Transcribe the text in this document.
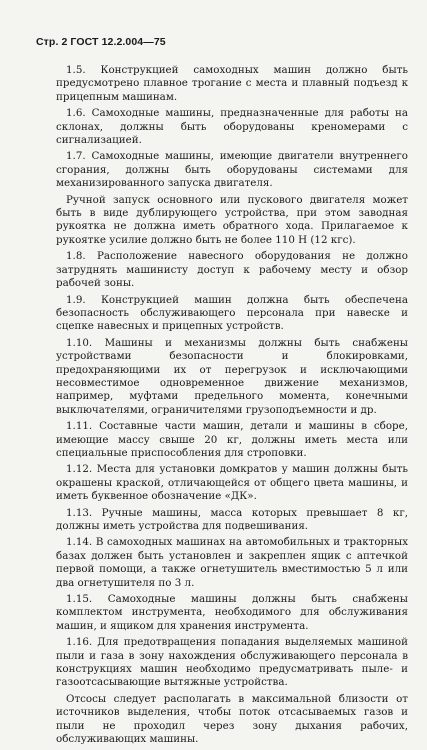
Стр. 2 ГОСТ 12.2.004—75

1.5. Конструкцией самоходных машин должно быть предусмотрено плавное трогание с места и плавный подъезд к прицепным машинам.

1.6. Самоходные машины, предназначенные для работы на склонах, должны быть оборудованы креномерами с сигнализацией.

1.7. Самоходные машины, имеющие двигатели внутреннего сгорания, должны быть оборудованы системами для механизированного запуска двигателя.

Ручной запуск основного или пускового двигателя может быть в виде дублирующего устройства, при этом заводная рукоятка не должна иметь обратного хода. Прилагаемое к рукоятке усилие должно быть не более 110 Н (12 кгс).

1.8. Расположение навесного оборудования не должно затруднять машинисту доступ к рабочему месту и обзор рабочей зоны.

1.9. Конструкцией машин должна быть обеспечена безопасность обслуживающего персонала при навеске и сцепке навесных и прицепных устройств.

1.10. Машины и механизмы должны быть снабжены устройствами безопасности и блокировками, предохраняющими их от перегрузок и исключающими несовместимое одновременное движение механизмов, например, муфтами предельного момента, конечными выключателями, ограничителями грузоподъемности и др.

1.11. Составные части машин, детали и машины в сборе, имеющие массу свыше 20 кг, должны иметь места или специальные приспособления для строповки.

1.12. Места для установки домкратов у машин должны быть окрашены краской, отличающейся от общего цвета машины, и иметь буквенное обозначение «ДК».

1.13. Ручные машины, масса которых превышает 8 кг, должны иметь устройства для подвешивания.

1.14. В самоходных машинах на автомобильных и тракторных базах должен быть установлен и закреплен ящик с аптечкой первой помощи, а также огнетушитель вместимостью 5 л или два огнетушителя по 3 л.

1.15. Самоходные машины должны быть снабжены комплектом инструмента, необходимого для обслуживания машин, и ящиком для хранения инструмента.

1.16. Для предотвращения попадания выделяемых машиной пыли и газа в зону нахождения обслуживающего персонала в конструкциях машин необходимо предусматривать пыле- и газоотсасывающие вытяжные устройства.

Отсосы следует располагать в максимальной близости от источников выделения, чтобы поток отсасываемых газов и пыли не проходил через зону дыхания рабочих, обслуживающих машины.
